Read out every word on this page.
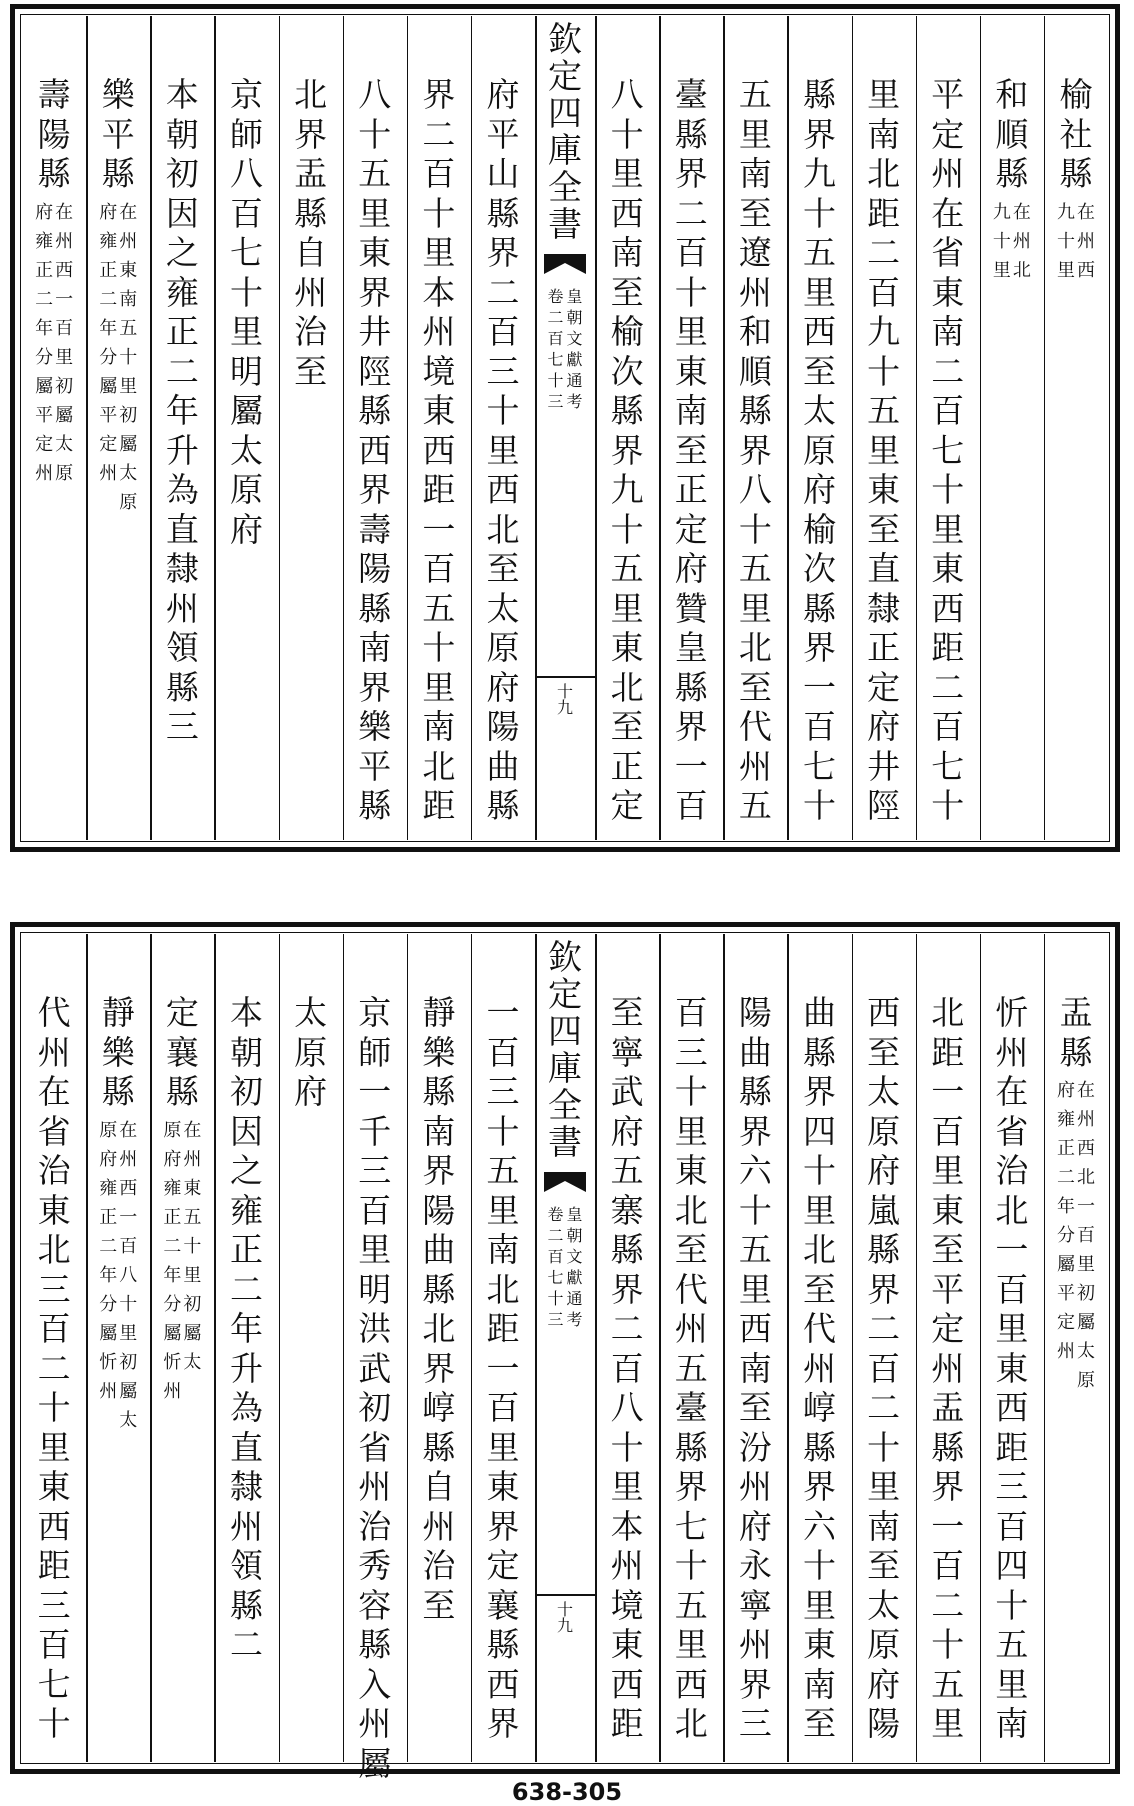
欽
定
四
庫
全
書
皇
朝
文
獻
通
考
卷
二
百
七
十
三
十
九
榆
社
縣
在
州
西
九
十
里
和
順
縣
在
州
北
九
十
里
平
定
州
在
省
東
南
二
百
七
十
里
東
西
距
二
百
七
十
里
南
北
距
二
百
九
十
五
里
東
至
直
隸
正
定
府
井
陘
縣
界
九
十
五
里
西
至
太
原
府
榆
次
縣
界
一
百
七
十
五
里
南
至
遼
州
和
順
縣
界
八
十
五
里
北
至
代
州
五
臺
縣
界
二
百
十
里
東
南
至
正
定
府
贊
皇
縣
界
一
百
八
十
里
西
南
至
榆
次
縣
界
九
十
五
里
東
北
至
正
定
府
平
山
縣
界
二
百
三
十
里
西
北
至
太
原
府
陽
曲
縣
界
二
百
十
里
本
州
境
東
西
距
一
百
五
十
里
南
北
距
八
十
五
里
東
界
井
陘
縣
西
界
壽
陽
縣
南
界
樂
平
縣
北
界
盂
縣
自
州
治
至
京
師
八
百
七
十
里
明
屬
太
原
府
本
朝
初
因
之
雍
正
二
年
升
為
直
隸
州
領
縣
三
樂
平
縣
在
州
東
南
五
十
里
初
屬
太
原
府
雍
正
二
年
分
屬
平
定
州
壽
陽
縣
在
州
西
一
百
里
初
屬
太
原
府
雍
正
二
年
分
屬
平
定
州
欽
定
四
庫
全
書
皇
朝
文
獻
通
考
卷
二
百
七
十
三
十
九
盂
縣
在
州
西
北
一
百
里
初
屬
太
原
府
雍
正
二
年
分
屬
平
定
州
忻
州
在
省
治
北
一
百
里
東
西
距
三
百
四
十
五
里
南
北
距
一
百
里
東
至
平
定
州
盂
縣
界
一
百
二
十
五
里
西
至
太
原
府
嵐
縣
界
二
百
二
十
里
南
至
太
原
府
陽
曲
縣
界
四
十
里
北
至
代
州
崞
縣
界
六
十
里
東
南
至
陽
曲
縣
界
六
十
五
里
西
南
至
汾
州
府
永
寧
州
界
三
百
三
十
里
東
北
至
代
州
五
臺
縣
界
七
十
五
里
西
北
至
寧
武
府
五
寨
縣
界
二
百
八
十
里
本
州
境
東
西
距
一
百
三
十
五
里
南
北
距
一
百
里
東
界
定
襄
縣
西
界
靜
樂
縣
南
界
陽
曲
縣
北
界
崞
縣
自
州
治
至
京
師
一
千
三
百
里
明
洪
武
初
省
州
治
秀
容
縣
入
州
屬
太
原
府
本
朝
初
因
之
雍
正
二
年
升
為
直
隸
州
領
縣
二
定
襄
縣
在
州
東
五
十
里
初
屬
太
原
府
雍
正
二
年
分
屬
忻
州
靜
樂
縣
在
州
西
一
百
八
十
里
初
屬
太
原
府
雍
正
二
年
分
屬
忻
州
代
州
在
省
治
東
北
三
百
二
十
里
東
西
距
三
百
七
十
638-305
